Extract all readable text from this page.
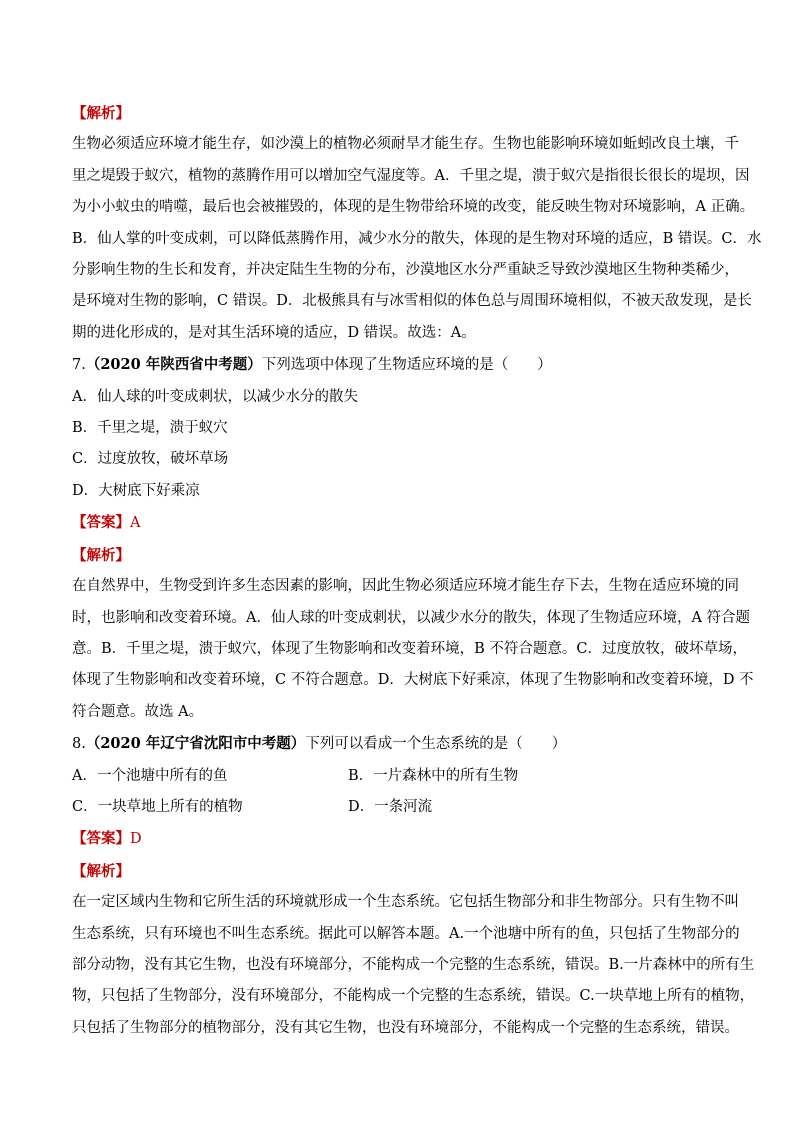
【解析】
生物必须适应环境才能生存，如沙漠上的植物必须耐旱才能生存。生物也能影响环境如蚯蚓改良土壤，千
里之堤毁于蚁穴，植物的蒸腾作用可以增加空气湿度等。A．千里之堤，溃于蚁穴是指很长很长的堤坝，因
为小小蚁虫的啃噬，最后也会被摧毁的，体现的是生物带给环境的改变，能反映生物对环境影响，A 正确。
B．仙人掌的叶变成刺，可以降低蒸腾作用，减少水分的散失，体现的是生物对环境的适应，B 错误。C．水
分影响生物的生长和发育，并决定陆生生物的分布，沙漠地区水分严重缺乏导致沙漠地区生物种类稀少，
是环境对生物的影响，C 错误。D．北极熊具有与冰雪相似的体色总与周围环境相似，不被天敌发现，是长
期的进化形成的，是对其生活环境的适应，D 错误。故选：A。
7.（2020 年陕西省中考题）下列选项中体现了生物适应环境的是（　　）
A．仙人球的叶变成刺状，以减少水分的散失
B．千里之堤，溃于蚁穴
C．过度放牧，破坏草场
D．大树底下好乘凉
【答案】A
【解析】
在自然界中，生物受到许多生态因素的影响，因此生物必须适应环境才能生存下去，生物在适应环境的同
时，也影响和改变着环境。A．仙人球的叶变成刺状，以减少水分的散失，体现了生物适应环境，A 符合题
意。B．千里之堤，溃于蚁穴，体现了生物影响和改变着环境，B 不符合题意。C．过度放牧，破坏草场，
体现了生物影响和改变着环境，C 不符合题意。D．大树底下好乘凉，体现了生物影响和改变着环境，D 不
符合题意。故选 A。
8.（2020 年辽宁省沈阳市中考题）下列可以看成一个生态系统的是（　　）
A．一个池塘中所有的鱼	B．一片森林中的所有生物
C．一块草地上所有的植物	D．一条河流
【答案】D
【解析】
在一定区域内生物和它所生活的环境就形成一个生态系统。它包括生物部分和非生物部分。只有生物不叫
生态系统，只有环境也不叫生态系统。据此可以解答本题。A.一个池塘中所有的鱼，只包括了生物部分的
部分动物，没有其它生物，也没有环境部分，不能构成一个完整的生态系统，错误。B.一片森林中的所有生
物，只包括了生物部分，没有环境部分，不能构成一个完整的生态系统，错误。C.一块草地上所有的植物，
只包括了生物部分的植物部分，没有其它生物，也没有环境部分，不能构成一个完整的生态系统，错误。
